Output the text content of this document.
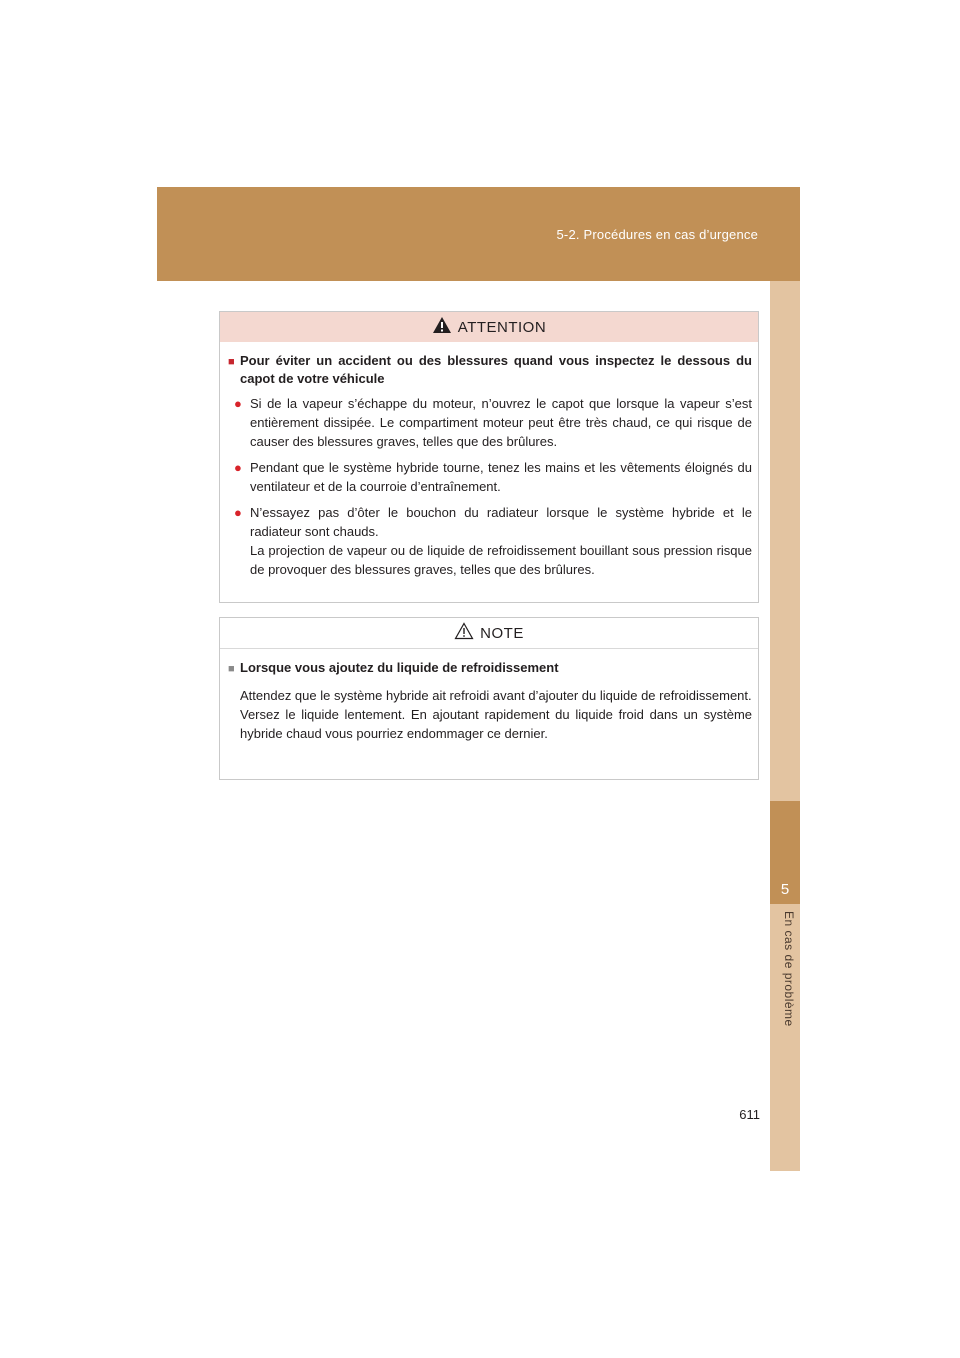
5-2. Procédures en cas d’urgence
5
En cas de problème
ATTENTION
■ Pour éviter un accident ou des blessures quand vous inspectez le dessous du capot de votre véhicule
● Si de la vapeur s’échappe du moteur, n’ouvrez le capot que lorsque la vapeur s’est entièrement dissipée. Le compartiment moteur peut être très chaud, ce qui risque de causer des blessures graves, telles que des brûlures.
● Pendant que le système hybride tourne, tenez les mains et les vêtements éloignés du ventilateur et de la courroie d’entraînement.
● N’essayez pas d’ôter le bouchon du radiateur lorsque le système hybride et le radiateur sont chauds.
La projection de vapeur ou de liquide de refroidissement bouillant sous pression risque de provoquer des blessures graves, telles que des brûlures.
NOTE
■ Lorsque vous ajoutez du liquide de refroidissement
Attendez que le système hybride ait refroidi avant d’ajouter du liquide de refroidissement.
Versez le liquide lentement. En ajoutant rapidement du liquide froid dans un système hybride chaud vous pourriez endommager ce dernier.
611
